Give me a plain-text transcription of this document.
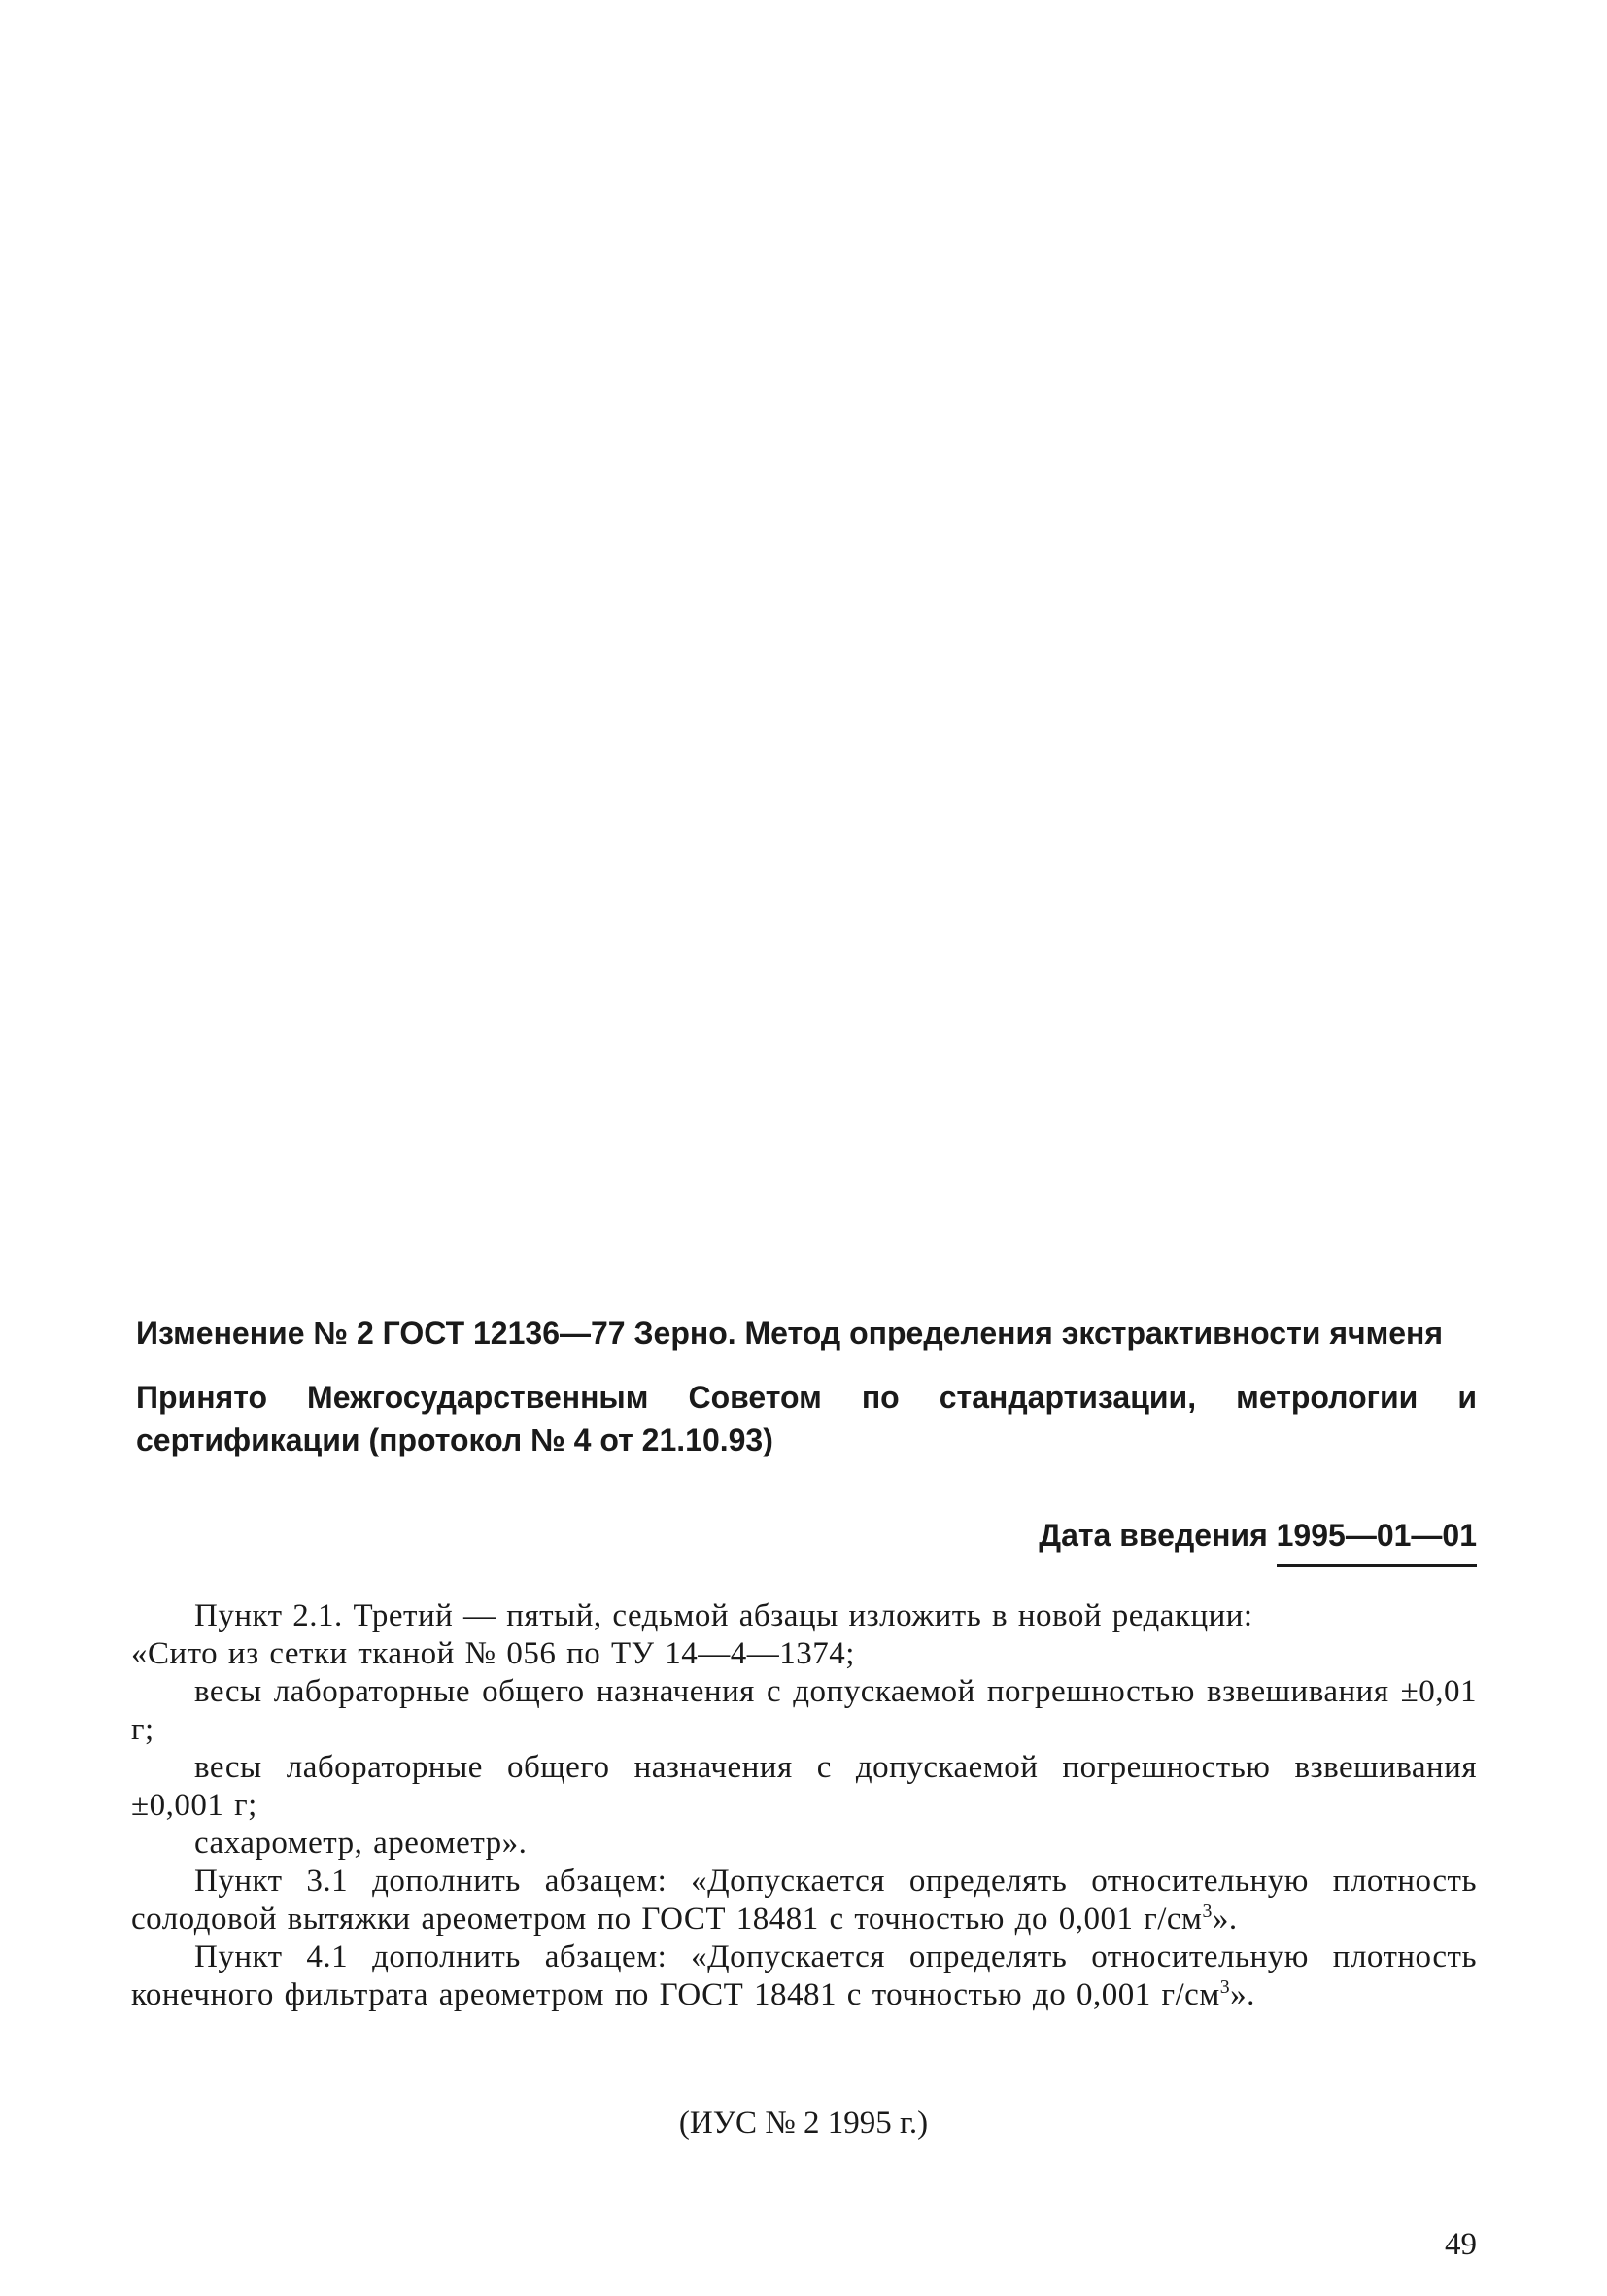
Изменение № 2 ГОСТ 12136—77 Зерно. Метод определения экстрактивности ячменя

Принято Межгосударственным Советом по стандартизации, метрологии и сертификации (протокол № 4 от 21.10.93)

Дата введения 1995—01—01

Пункт 2.1. Третий — пятый, седьмой абзацы изложить в новой редакции:

«Сито из сетки тканой № 056 по ТУ 14—4—1374;

весы лабораторные общего назначения с допускаемой погрешностью взвешивания ±0,01 г;

весы лабораторные общего назначения с допускаемой погрешностью взвешивания ±0,001 г;

сахарометр, ареометр».

Пункт 3.1 дополнить абзацем: «Допускается определять относительную плотность солодовой вытяжки ареометром по ГОСТ 18481 с точностью до 0,001 $г/см^3$».

Пункт 4.1 дополнить абзацем: «Допускается определять относительную плотность конечного фильтрата ареометром по ГОСТ 18481 с точностью до 0,001 $г/см^3$».

(ИУС № 2 1995 г.)
49
